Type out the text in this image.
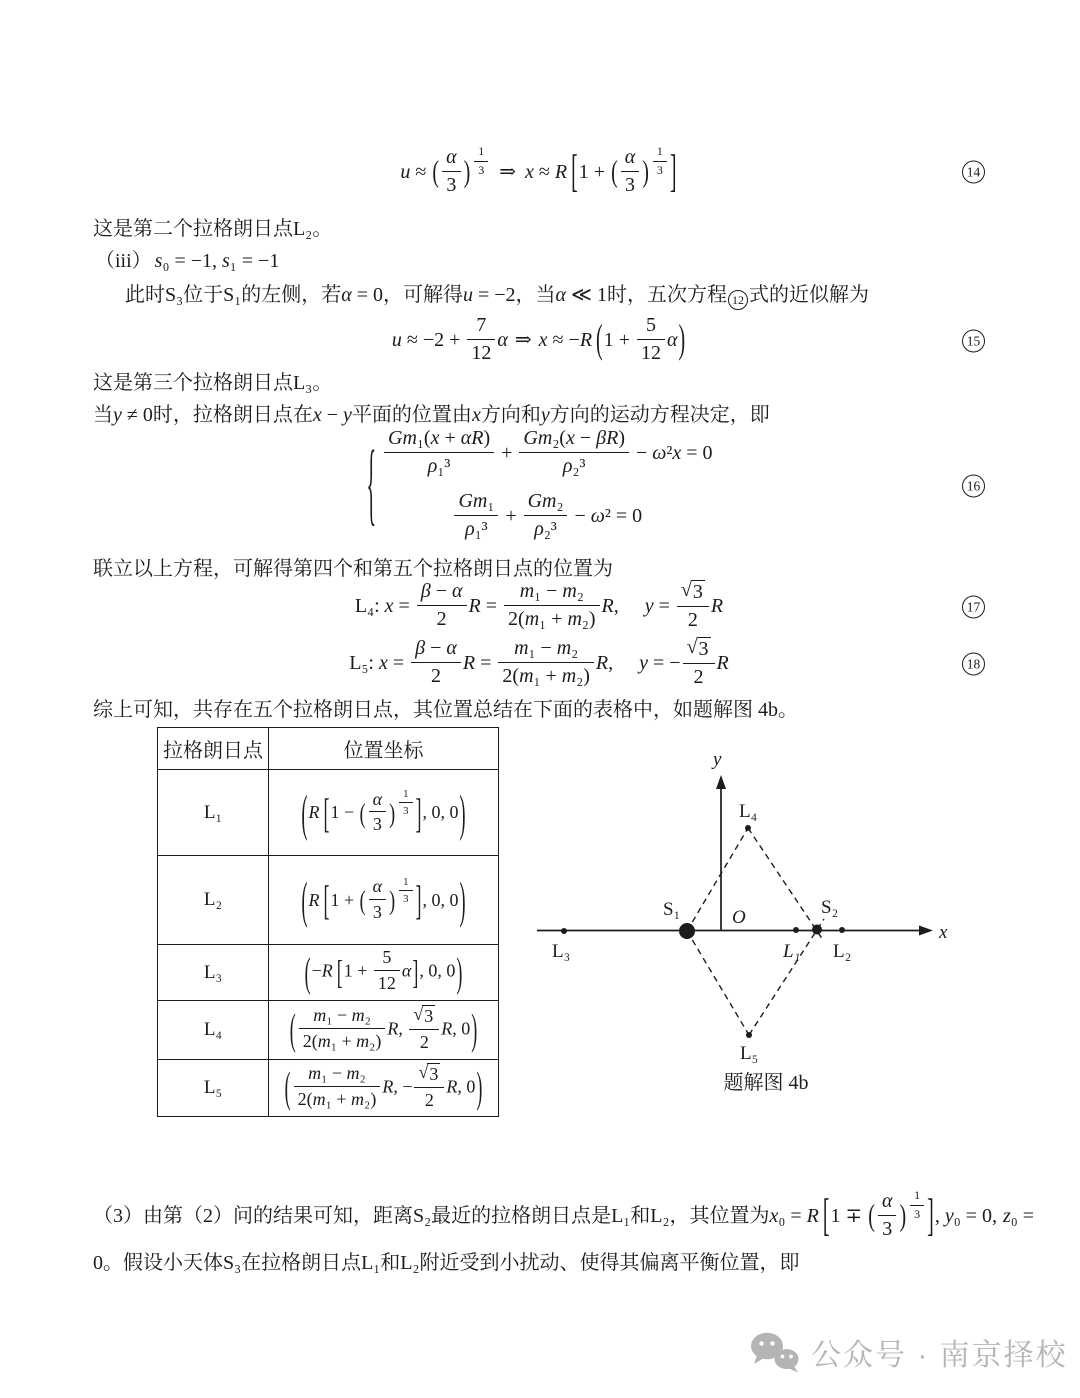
u ≈ ( $\frac{\alpha}{3}$ ) $^{\frac{1}{3}}$ ⇒ x ≈ R [1 + ( $\frac{\alpha}{3}$ ) $^{\frac{1}{3}}$ ]	14
这是第二个拉格朗日点L₂。
（iii） s₀ = −1, s₁ = −1
此时S₃位于S₁的左侧，若α = 0，可解得u = −2，当α ≪ 1时，五次方程 12 式的近似解为
$u \approx -2 + \frac{7}{12}$ α ⇒ x ≈ −R $(1 + \frac{5}{12} \alpha)$	15
这是第三个拉格朗日点L₃。
当y ≠ 0时，拉格朗日点在x − y平面的位置由x方向和y方向的运动方程决定，即
{ $\frac{\text{Gm₁(x + αR)}}{\text{ρ₁³}} + \frac{\text{Gm₂(x − βR)}}{\text{ρ₂³}} - \omega^2x = 0$
$\frac{\text{Gm₁}}{\text{ρ₁³}} + \frac{\text{Gm₂}}{\text{ρ₂³}} - \omega^2 = 0$
16
联立以上方程，可解得第四个和第五个拉格朗日点的位置为
L₄: $x = \frac{\beta - \alpha}{2}$ $R = \frac{\text{m₁ − m₂}}{\text{2(m₁ + m₂)}} R$, $y = \frac{√ 3}{2}$ R	17
L₅: $x = \frac{\beta - \alpha}{2}$ $R = \frac{\text{m₁ − m₂}}{\text{2(m₁ + m₂)}} R$, y = − $\frac{√ 3}{2}$ R	18
综上可知，共存在五个拉格朗日点，其位置总结在下面的表格中，如题解图 4b。
拉格朗日点	位置坐标
L₁	(R [1 − ( $\frac{\alpha}{3}$ ) $^{\frac{1}{3}}$ ], 0, 0)
L₂	(R [1 + ( $\frac{\alpha}{3}$ ) $^{\frac{1}{3}}$ ], 0, 0)
L₃	(−R $[1 + \frac{5}{12} \alpha]$, 0, 0)
L₄	( $\frac{\text{m₁ − m₂}}{\text{2(m₁ + m₂)}} R$, $\frac{√ 3}{2} R$, 0)
L₅	( $\frac{\text{m₁ − m₂}}{\text{2(m₁ + m₂)}} R$, − $\frac{√ 3}{2} R$, 0)
x
y
O
S₁	S₂
L₁ L₂
L₃
L₄
L₅
题解图 4b
（3）由第（2）问的结果可知，距离S₂最近的拉格朗日点是L₁和L₂，其位置为x₀ = R [1 ∓ ( $\frac{\alpha}{3}$ ) $^{\frac{1}{3}}$ ], y₀ = 0, z₀ =
0。假设小天体S₃在拉格朗日点L₁和L₂附近受到小扰动、使得其偏离平衡位置，即
公众号 · 南京择校
